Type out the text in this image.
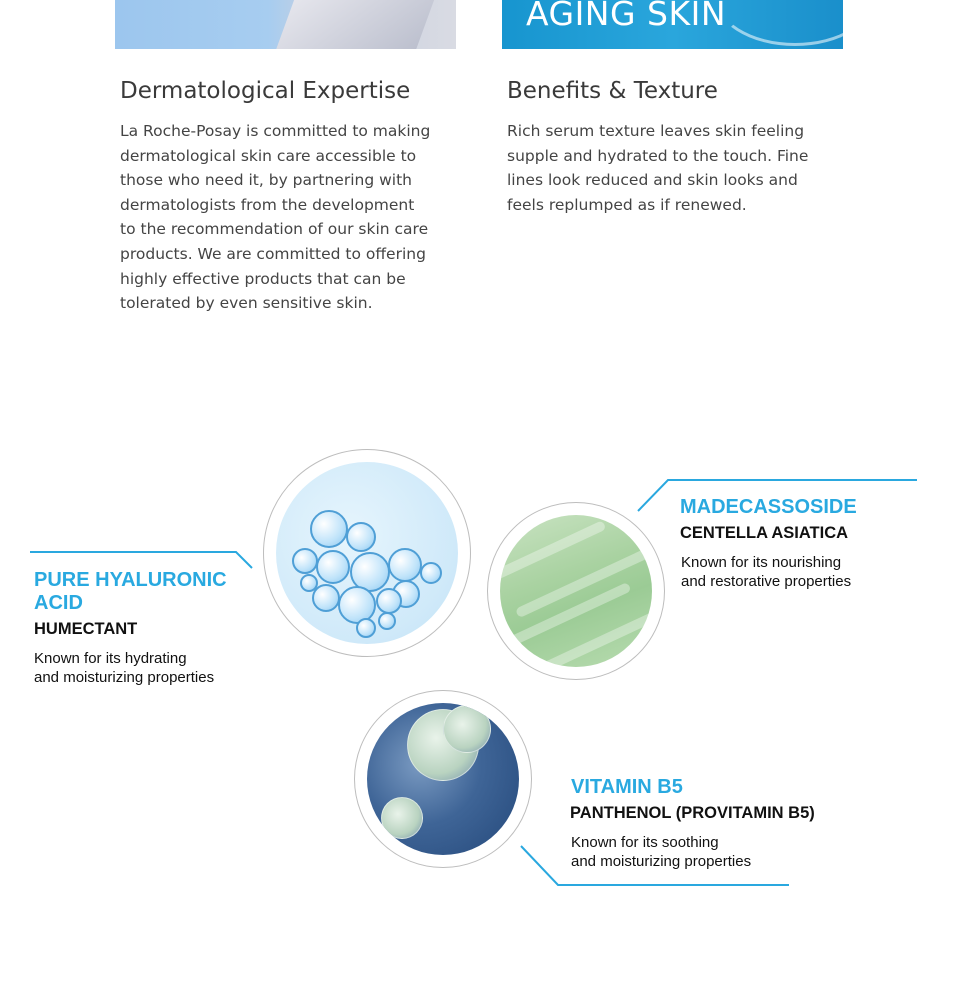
AGING SKIN
Dermatological Expertise
La Roche-Posay is committed to making
dermatological skin care accessible to
those who need it, by partnering with
dermatologists from the development
to the recommendation of our skin care
products. We are committed to offering
highly effective products that can be
tolerated by even sensitive skin.
Benefits & Texture
Rich serum texture leaves skin feeling
supple and hydrated to the touch. Fine
lines look reduced and skin looks and
feels replumped as if renewed.
PURE HYALURONIC
ACID
HUMECTANT
Known for its hydrating
and moisturizing properties
MADECASSOSIDE
CENTELLA ASIATICA
Known for its nourishing
and restorative properties
VITAMIN B5
PANTHENOL (PROVITAMIN B5)
Known for its soothing
and moisturizing properties
